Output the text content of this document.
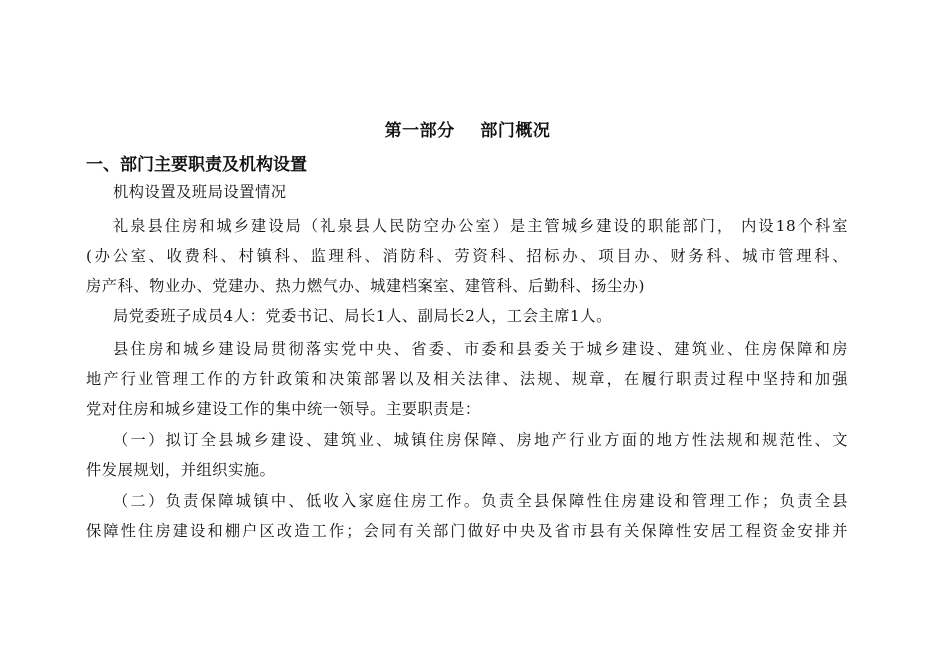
第一部分    部门概况
一、部门主要职责及机构设置
机构设置及班局设置情况
礼泉县住房和城乡建设局（礼泉县人民防空办公室）是主管城乡建设的职能部门， 内设18个科室
(办公室、收费科、村镇科、监理科、消防科、劳资科、招标办、项目办、财务科、城市管理科、
房产科、物业办、党建办、热力燃气办、城建档案室、建管科、后勤科、扬尘办)
局党委班子成员4人：党委书记、局长1人、副局长2人，工会主席1人。
县住房和城乡建设局贯彻落实党中央、省委、市委和县委关于城乡建设、建筑业、住房保障和房
地产行业管理工作的方针政策和决策部署以及相关法律、法规、规章，在履行职责过程中坚持和加强
党对住房和城乡建设工作的集中统一领导。主要职责是：
（一）拟订全县城乡建设、建筑业、城镇住房保障、房地产行业方面的地方性法规和规范性、文
件发展规划，并组织实施。
（二）负责保障城镇中、低收入家庭住房工作。负责全县保障性住房建设和管理工作；负责全县
保障性住房建设和棚户区改造工作；会同有关部门做好中央及省市县有关保障性安居工程资金安排并
